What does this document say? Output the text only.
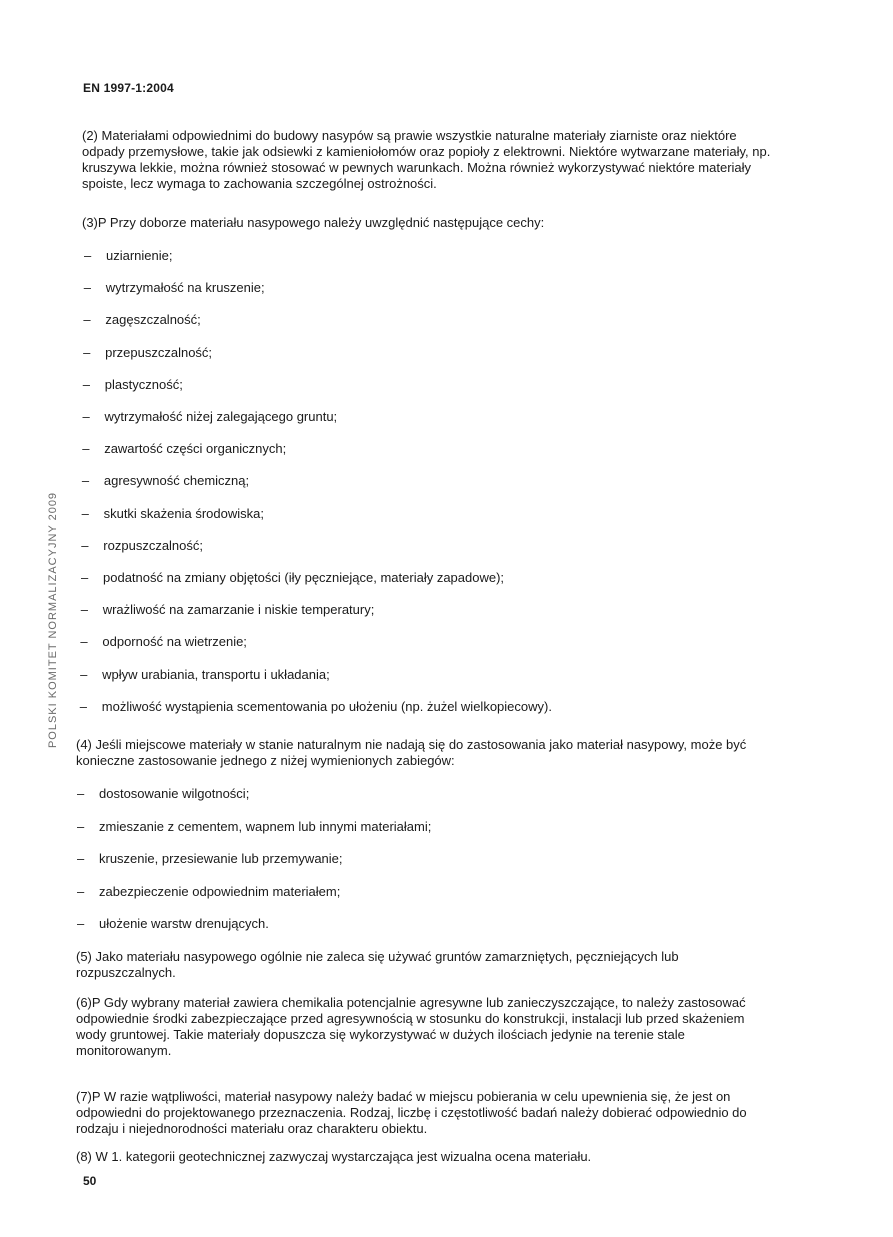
EN 1997-1:2004
POLSKI KOMITET NORMALIZACYJNY 2009

(2) Materiałami odpowiednimi do budowy nasypów są prawie wszystkie naturalne materiały ziarniste oraz niektóre odpady przemysłowe, takie jak odsiewki z kamieniołomów oraz popioły z elektrowni. Niektóre wytwarzane materiały, np. kruszywa lekkie, można również stosować w pewnych warunkach. Można również wykorzystywać niektóre materiały spoiste, lecz wymaga to zachowania szczególnej ostrożności.

(3)P Przy doborze materiału nasypowego należy uwzględnić następujące cechy:

– uziarnienie;
– wytrzymałość na kruszenie;
– zagęszczalność;
– przepuszczalność;
– plastyczność;
– wytrzymałość niżej zalegającego gruntu;
– zawartość części organicznych;
– agresywność chemiczną;
– skutki skażenia środowiska;
– rozpuszczalność;
– podatność na zmiany objętości (iły pęczniejące, materiały zapadowe);
– wrażliwość na zamarzanie i niskie temperatury;
– odporność na wietrzenie;
– wpływ urabiania, transportu i układania;
– możliwość wystąpienia scementowania po ułożeniu (np. żużel wielkopiecowy).

(4) Jeśli miejscowe materiały w stanie naturalnym nie nadają się do zastosowania jako materiał nasypowy, może być konieczne zastosowanie jednego z niżej wymienionych zabiegów:

– dostosowanie wilgotności;
– zmieszanie z cementem, wapnem lub innymi materiałami;
– kruszenie, przesiewanie lub przemywanie;
– zabezpieczenie odpowiednim materiałem;
– ułożenie warstw drenujących.

(5) Jako materiału nasypowego ogólnie nie zaleca się używać gruntów zamarzniętych, pęczniejących lub rozpuszczalnych.

(6)P Gdy wybrany materiał zawiera chemikalia potencjalnie agresywne lub zanieczyszczające, to należy zastosować odpowiednie środki zabezpieczające przed agresywnością w stosunku do konstrukcji, instalacji lub przed skażeniem wody gruntowej. Takie materiały dopuszcza się wykorzystywać w dużych ilościach jedynie na terenie stale monitorowanym.

(7)P W razie wątpliwości, materiał nasypowy należy badać w miejscu pobierania w celu upewnienia się, że jest on odpowiedni do projektowanego przeznaczenia. Rodzaj, liczbę i częstotliwość badań należy dobierać odpowiednio do rodzaju i niejednorodności materiału oraz charakteru obiektu.

(8) W 1. kategorii geotechnicznej zazwyczaj wystarczająca jest wizualna ocena materiału.

50
